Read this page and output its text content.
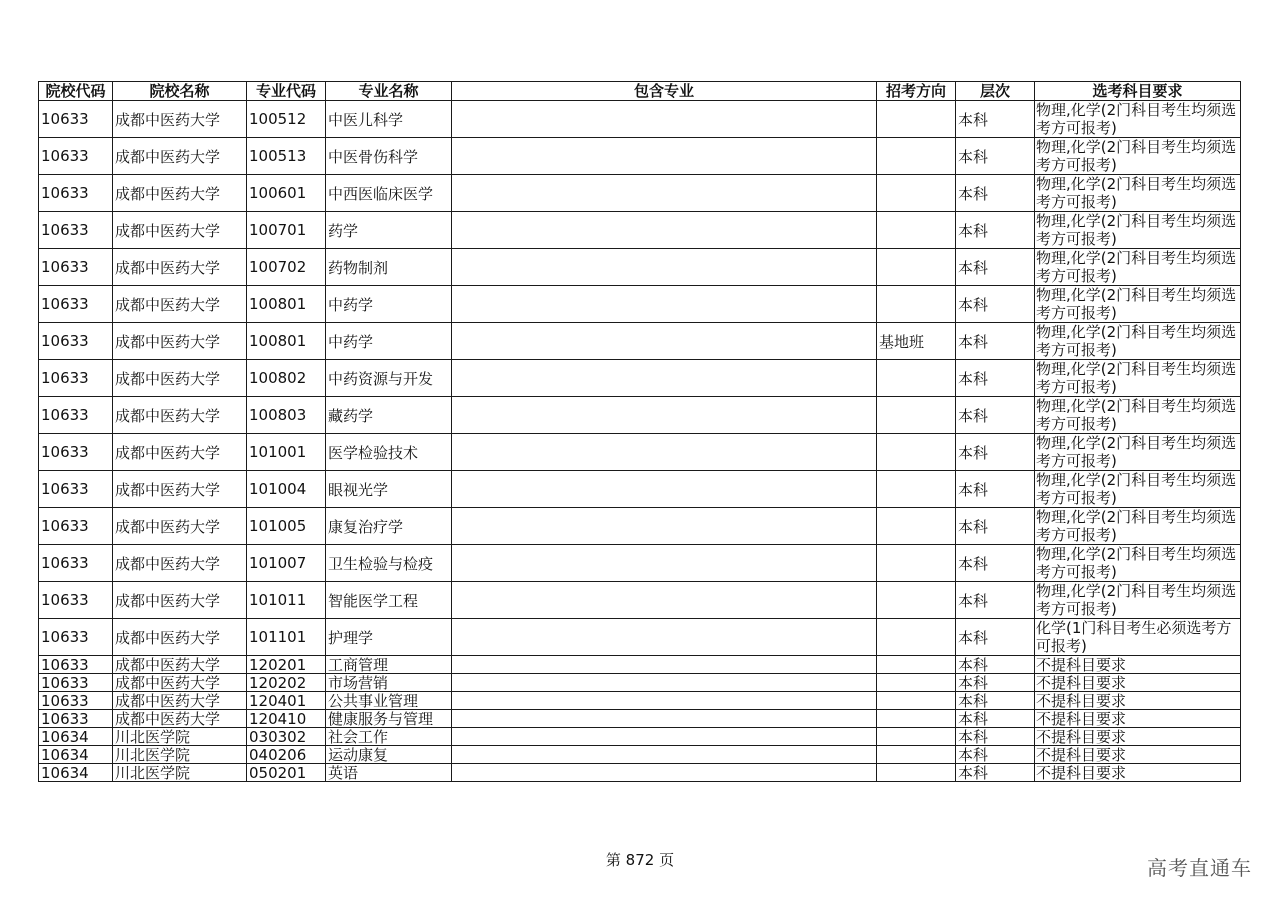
院校代码	院校名称	专业代码	专业名称	包含专业	招考方向	层次	选考科目要求
10633	成都中医药大学	100512	中医儿科学			本科	物理,化学(2门科目考生均须选考方可报考)
10633	成都中医药大学	100513	中医骨伤科学			本科	物理,化学(2门科目考生均须选考方可报考)
10633	成都中医药大学	100601	中西医临床医学			本科	物理,化学(2门科目考生均须选考方可报考)
10633	成都中医药大学	100701	药学			本科	物理,化学(2门科目考生均须选考方可报考)
10633	成都中医药大学	100702	药物制剂			本科	物理,化学(2门科目考生均须选考方可报考)
10633	成都中医药大学	100801	中药学			本科	物理,化学(2门科目考生均须选考方可报考)
10633	成都中医药大学	100801	中药学		基地班	本科	物理,化学(2门科目考生均须选考方可报考)
10633	成都中医药大学	100802	中药资源与开发			本科	物理,化学(2门科目考生均须选考方可报考)
10633	成都中医药大学	100803	藏药学			本科	物理,化学(2门科目考生均须选考方可报考)
10633	成都中医药大学	101001	医学检验技术			本科	物理,化学(2门科目考生均须选考方可报考)
10633	成都中医药大学	101004	眼视光学			本科	物理,化学(2门科目考生均须选考方可报考)
10633	成都中医药大学	101005	康复治疗学			本科	物理,化学(2门科目考生均须选考方可报考)
10633	成都中医药大学	101007	卫生检验与检疫			本科	物理,化学(2门科目考生均须选考方可报考)
10633	成都中医药大学	101011	智能医学工程			本科	物理,化学(2门科目考生均须选考方可报考)
10633	成都中医药大学	101101	护理学			本科	化学(1门科目考生必须选考方可报考)
10633	成都中医药大学	120201	工商管理			本科	不提科目要求
10633	成都中医药大学	120202	市场营销			本科	不提科目要求
10633	成都中医药大学	120401	公共事业管理			本科	不提科目要求
10633	成都中医药大学	120410	健康服务与管理			本科	不提科目要求
10634	川北医学院	030302	社会工作			本科	不提科目要求
10634	川北医学院	040206	运动康复			本科	不提科目要求
10634	川北医学院	050201	英语			本科	不提科目要求
第 872 页	高考直通车
